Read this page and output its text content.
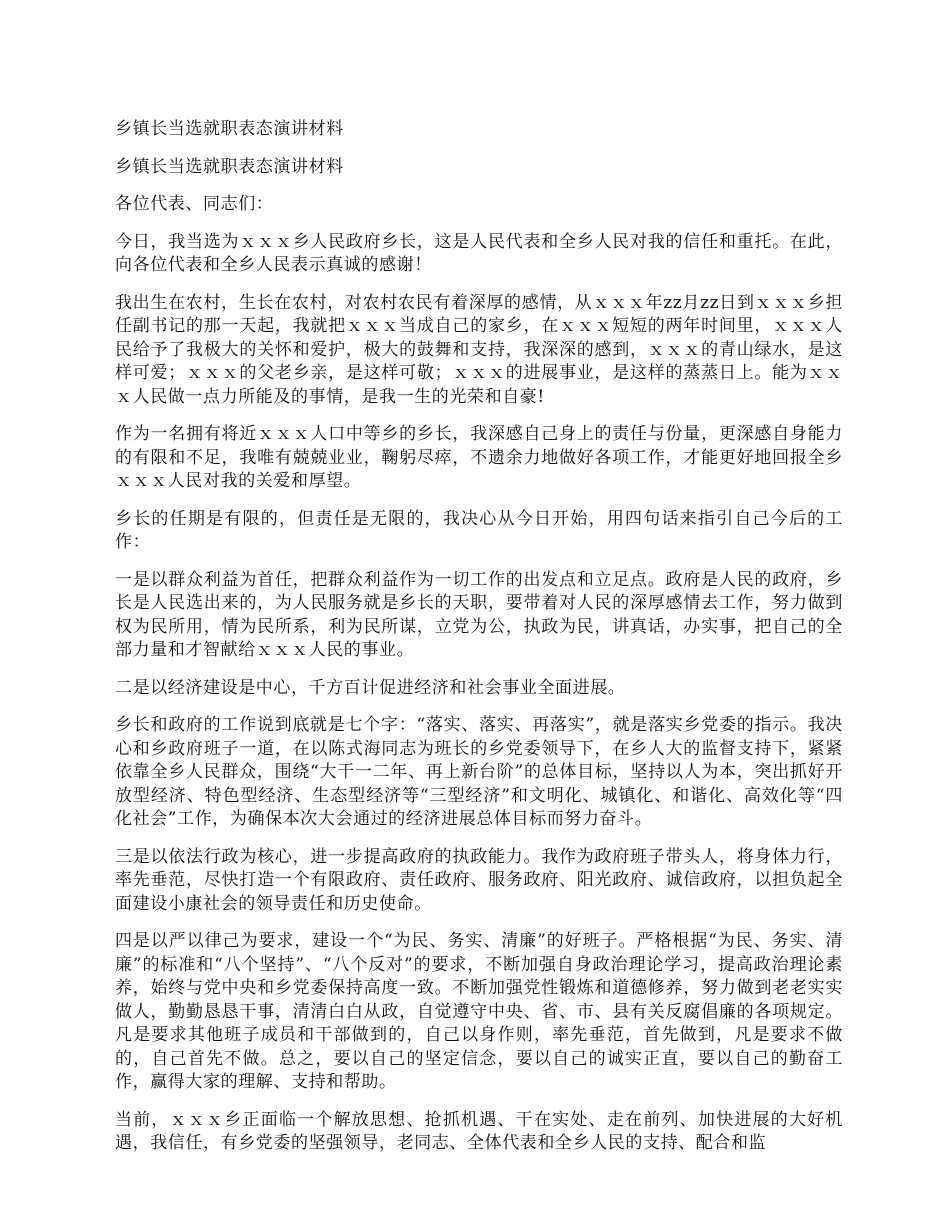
乡镇长当选就职表态演讲材料

乡镇长当选就职表态演讲材料

各位代表、同志们：

今日，我当选为ｘｘｘ乡人民政府乡长，这是人民代表和全乡人民对我的信任和重托。在此，向各位代表和全乡人民表示真诚的感谢！

我出生在农村，生长在农村，对农村农民有着深厚的感情，从ｘｘｘ年zz月zz日到ｘｘｘ乡担任副书记的那一天起，我就把ｘｘｘ当成自己的家乡，在ｘｘｘ短短的两年时间里，ｘｘｘ人民给予了我极大的关怀和爱护，极大的鼓舞和支持，我深深的感到，ｘｘｘ的青山绿水，是这样可爱；ｘｘｘ的父老乡亲，是这样可敬；ｘｘｘ的进展事业，是这样的蒸蒸日上。能为ｘｘｘ人民做一点力所能及的事情，是我一生的光荣和自豪!

作为一名拥有将近ｘｘｘ人口中等乡的乡长，我深感自己身上的责任与份量，更深感自身能力的有限和不足，我唯有兢兢业业，鞠躬尽瘁，不遗余力地做好各项工作，才能更好地回报全乡ｘｘｘ人民对我的关爱和厚望。

乡长的任期是有限的，但责任是无限的，我决心从今日开始，用四句话来指引自己今后的工作：

一是以群众利益为首任，把群众利益作为一切工作的出发点和立足点。政府是人民的政府，乡长是人民选出来的，为人民服务就是乡长的天职，要带着对人民的深厚感情去工作，努力做到权为民所用，情为民所系，利为民所谋，立党为公，执政为民，讲真话，办实事，把自己的全部力量和才智献给ｘｘｘ人民的事业。

二是以经济建设是中心，千方百计促进经济和社会事业全面进展。

乡长和政府的工作说到底就是七个字：“落实、落实、再落实”，就是落实乡党委的指示。我决心和乡政府班子一道，在以陈式海同志为班长的乡党委领导下，在乡人大的监督支持下，紧紧依靠全乡人民群众，围绕“大干一二年、再上新台阶”的总体目标，坚持以人为本，突出抓好开放型经济、特色型经济、生态型经济等“三型经济”和文明化、城镇化、和谐化、高效化等“四化社会”工作，为确保本次大会通过的经济进展总体目标而努力奋斗。

三是以依法行政为核心，进一步提高政府的执政能力。我作为政府班子带头人，将身体力行，率先垂范，尽快打造一个有限政府、责任政府、服务政府、阳光政府、诚信政府，以担负起全面建设小康社会的领导责任和历史使命。

四是以严以律己为要求，建设一个“为民、务实、清廉”的好班子。严格根据“为民、务实、清廉”的标准和“八个坚持”、“八个反对”的要求，不断加强自身政治理论学习，提高政治理论素养，始终与党中央和乡党委保持高度一致。不断加强党性锻炼和道德修养，努力做到老老实实做人，勤勤恳恳干事，清清白白从政，自觉遵守中央、省、市、县有关反腐倡廉的各项规定。凡是要求其他班子成员和干部做到的，自己以身作则，率先垂范，首先做到，凡是要求不做的，自己首先不做。总之，要以自己的坚定信念，要以自己的诚实正直，要以自己的勤奋工作，赢得大家的理解、支持和帮助。

当前，ｘｘｘ乡正面临一个解放思想、抢抓机遇、干在实处、走在前列、加快进展的大好机遇，我信任，有乡党委的坚强领导，老同志、全体代表和全乡人民的支持、配合和监
